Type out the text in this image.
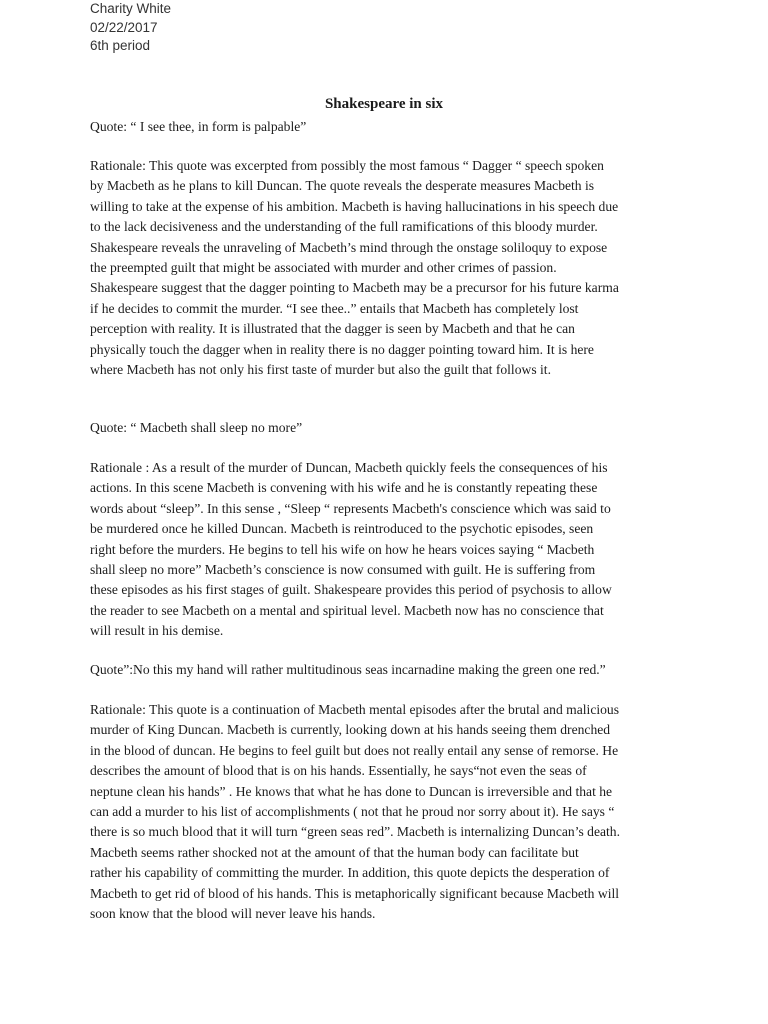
Charity White
02/22/2017
6th period
Shakespeare in six
Quote: “ I see thee, in form is palpable”
Rationale: This quote was excerpted from possibly the most famous “ Dagger “ speech spoken
by Macbeth as he plans to kill Duncan. The quote reveals the desperate measures Macbeth is
willing to take at the expense of his ambition. Macbeth is having hallucinations in his speech due
to the lack decisiveness and the understanding of the full ramifications of this bloody murder.
Shakespeare reveals the unraveling of Macbeth’s mind through the onstage soliloquy to expose
the preempted guilt that might be associated with murder and other crimes of passion.
Shakespeare suggest that the dagger pointing to Macbeth may be a precursor for his future karma
if he decides to commit the murder. “I see thee..” entails that Macbeth has completely lost
perception with reality. It is illustrated that the dagger is seen by Macbeth and that he can
physically touch the dagger when in reality there is no dagger pointing toward him. It is here
where Macbeth has not only his first taste of murder but also the guilt that follows it.
Quote: “ Macbeth shall sleep no more”
Rationale : As a result of the murder of Duncan, Macbeth quickly feels the consequences of his
actions. In this scene Macbeth is convening with his wife and he is constantly repeating these
words about “sleep”. In this sense , “Sleep “ represents Macbeth's conscience which was said to
be murdered once he killed Duncan. Macbeth is reintroduced to the psychotic episodes, seen
right before the murders. He begins to tell his wife on how he hears voices saying “ Macbeth
shall sleep no more” Macbeth’s conscience is now consumed with guilt. He is suffering from
these episodes as his first stages of guilt. Shakespeare provides this period of psychosis to allow
the reader to see Macbeth on a mental and spiritual level. Macbeth now has no conscience that
will result in his demise.
Quote”:No this my hand will rather multitudinous seas incarnadine making the green one red.”
Rationale: This quote is a continuation of Macbeth mental episodes after the brutal and malicious
murder of King Duncan. Macbeth is currently, looking down at his hands seeing them drenched
in the blood of duncan. He begins to feel guilt but does not really entail any sense of remorse. He
describes the amount of blood that is on his hands. Essentially, he says“not even the seas of
neptune clean his hands” . He knows that what he has done to Duncan is irreversible and that he
can add a murder to his list of accomplishments ( not that he proud nor sorry about it). He says “
there is so much blood that it will turn “green seas red”. Macbeth is internalizing Duncan’s death.
Macbeth seems rather shocked not at the amount of that the human body can facilitate but
rather his capability of committing the murder. In addition, this quote depicts the desperation of
Macbeth to get rid of blood of his hands. This is metaphorically significant because Macbeth will
soon know that the blood will never leave his hands.
